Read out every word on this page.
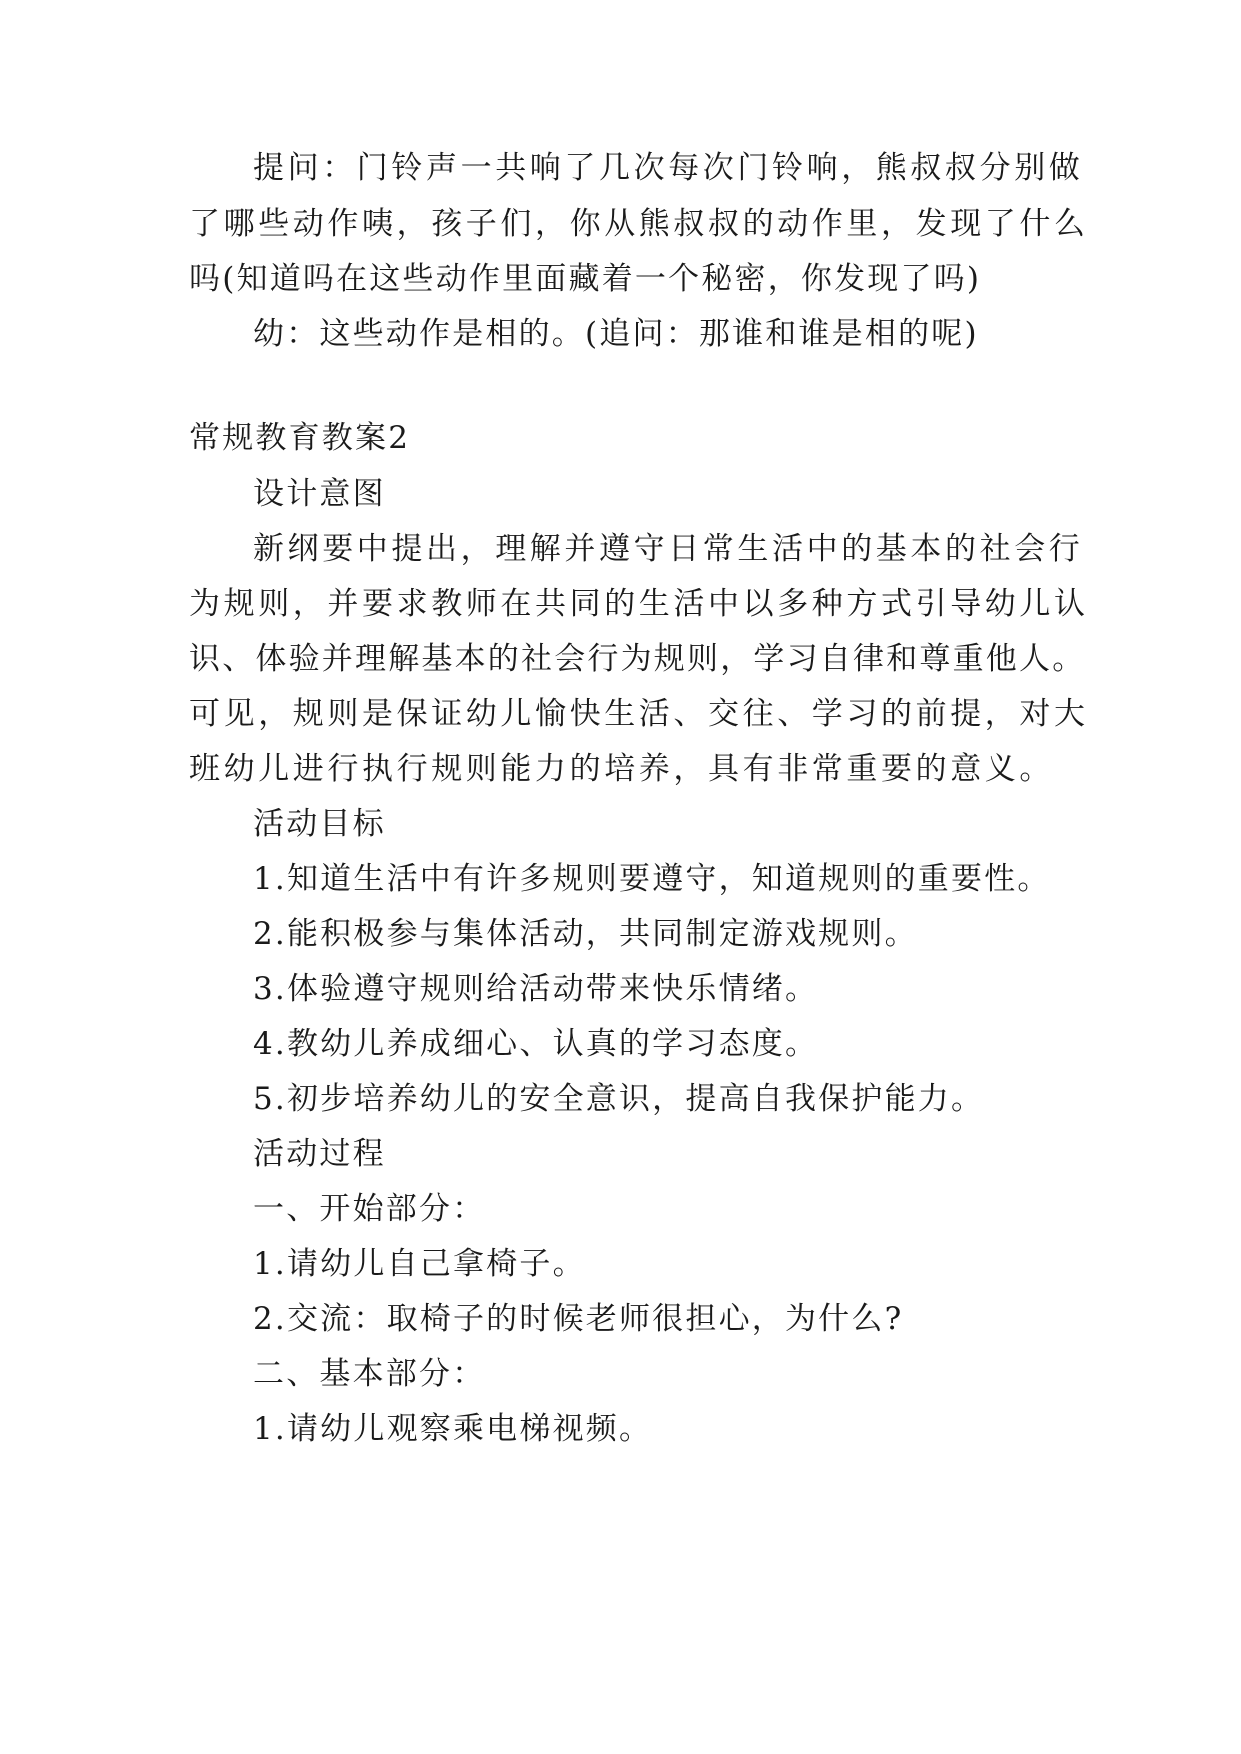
提问：门铃声一共响了几次每次门铃响，熊叔叔分别做

了哪些动作咦，孩子们，你从熊叔叔的动作里，发现了什么

吗(知道吗在这些动作里面藏着一个秘密，你发现了吗)

幼：这些动作是相的。(追问：那谁和谁是相的呢)

常规教育教案2

设计意图

新纲要中提出，理解并遵守日常生活中的基本的社会行

为规则，并要求教师在共同的生活中以多种方式引导幼儿认

识、体验并理解基本的社会行为规则，学习自律和尊重他人。

可见，规则是保证幼儿愉快生活、交往、学习的前提，对大

班幼儿进行执行规则能力的培养，具有非常重要的意义。

活动目标

1.知道生活中有许多规则要遵守，知道规则的重要性。

2.能积极参与集体活动，共同制定游戏规则。

3.体验遵守规则给活动带来快乐情绪。

4.教幼儿养成细心、认真的学习态度。

5.初步培养幼儿的安全意识，提高自我保护能力。

活动过程

一、开始部分：

1.请幼儿自己拿椅子。

2.交流：取椅子的时候老师很担心，为什么?

二、基本部分：

1.请幼儿观察乘电梯视频。
